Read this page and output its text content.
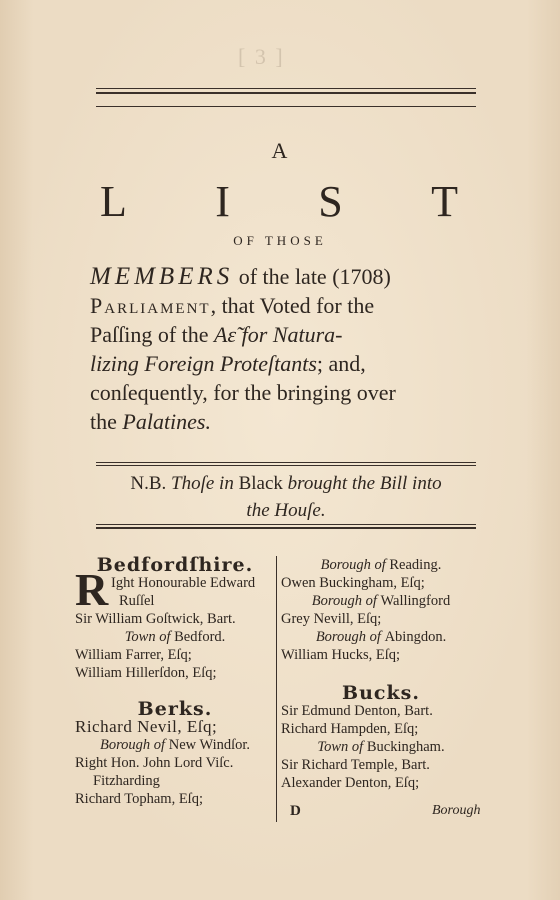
[ 3 ]
A
L I S T
OF THOSE
MEMBERS of the late (1708)
Parliament, that Voted for the
Paſſing of the Aɛ̃ for Natura-
lizing Foreign Proteſtants; and,
conſequently, for the bringing over
the Palatines.
N.B. Thoſe in Black brought the Bill into
the Houſe.
Bedfordſhire.
R Ight Honourable Edward
Ruſſel
Sir William Goſtwick, Bart.
Town of Bedford.
William Farrer, Eſq;
William Hillerſdon, Eſq;
Berks.
Richard Nevil, Eſq;
Borough of New Windſor.
Right Hon. John Lord Viſc.
Fitzharding
Richard Topham, Eſq;
Borough of Reading.
Owen Buckingham, Eſq;
Borough of Wallingford
Grey Nevill, Eſq;
Borough of Abingdon.
William Hucks, Eſq;
Bucks.
Sir Edmund Denton, Bart.
Richard Hampden, Eſq;
Town of Buckingham.
Sir Richard Temple, Bart.
Alexander Denton, Eſq;
D	Borough
